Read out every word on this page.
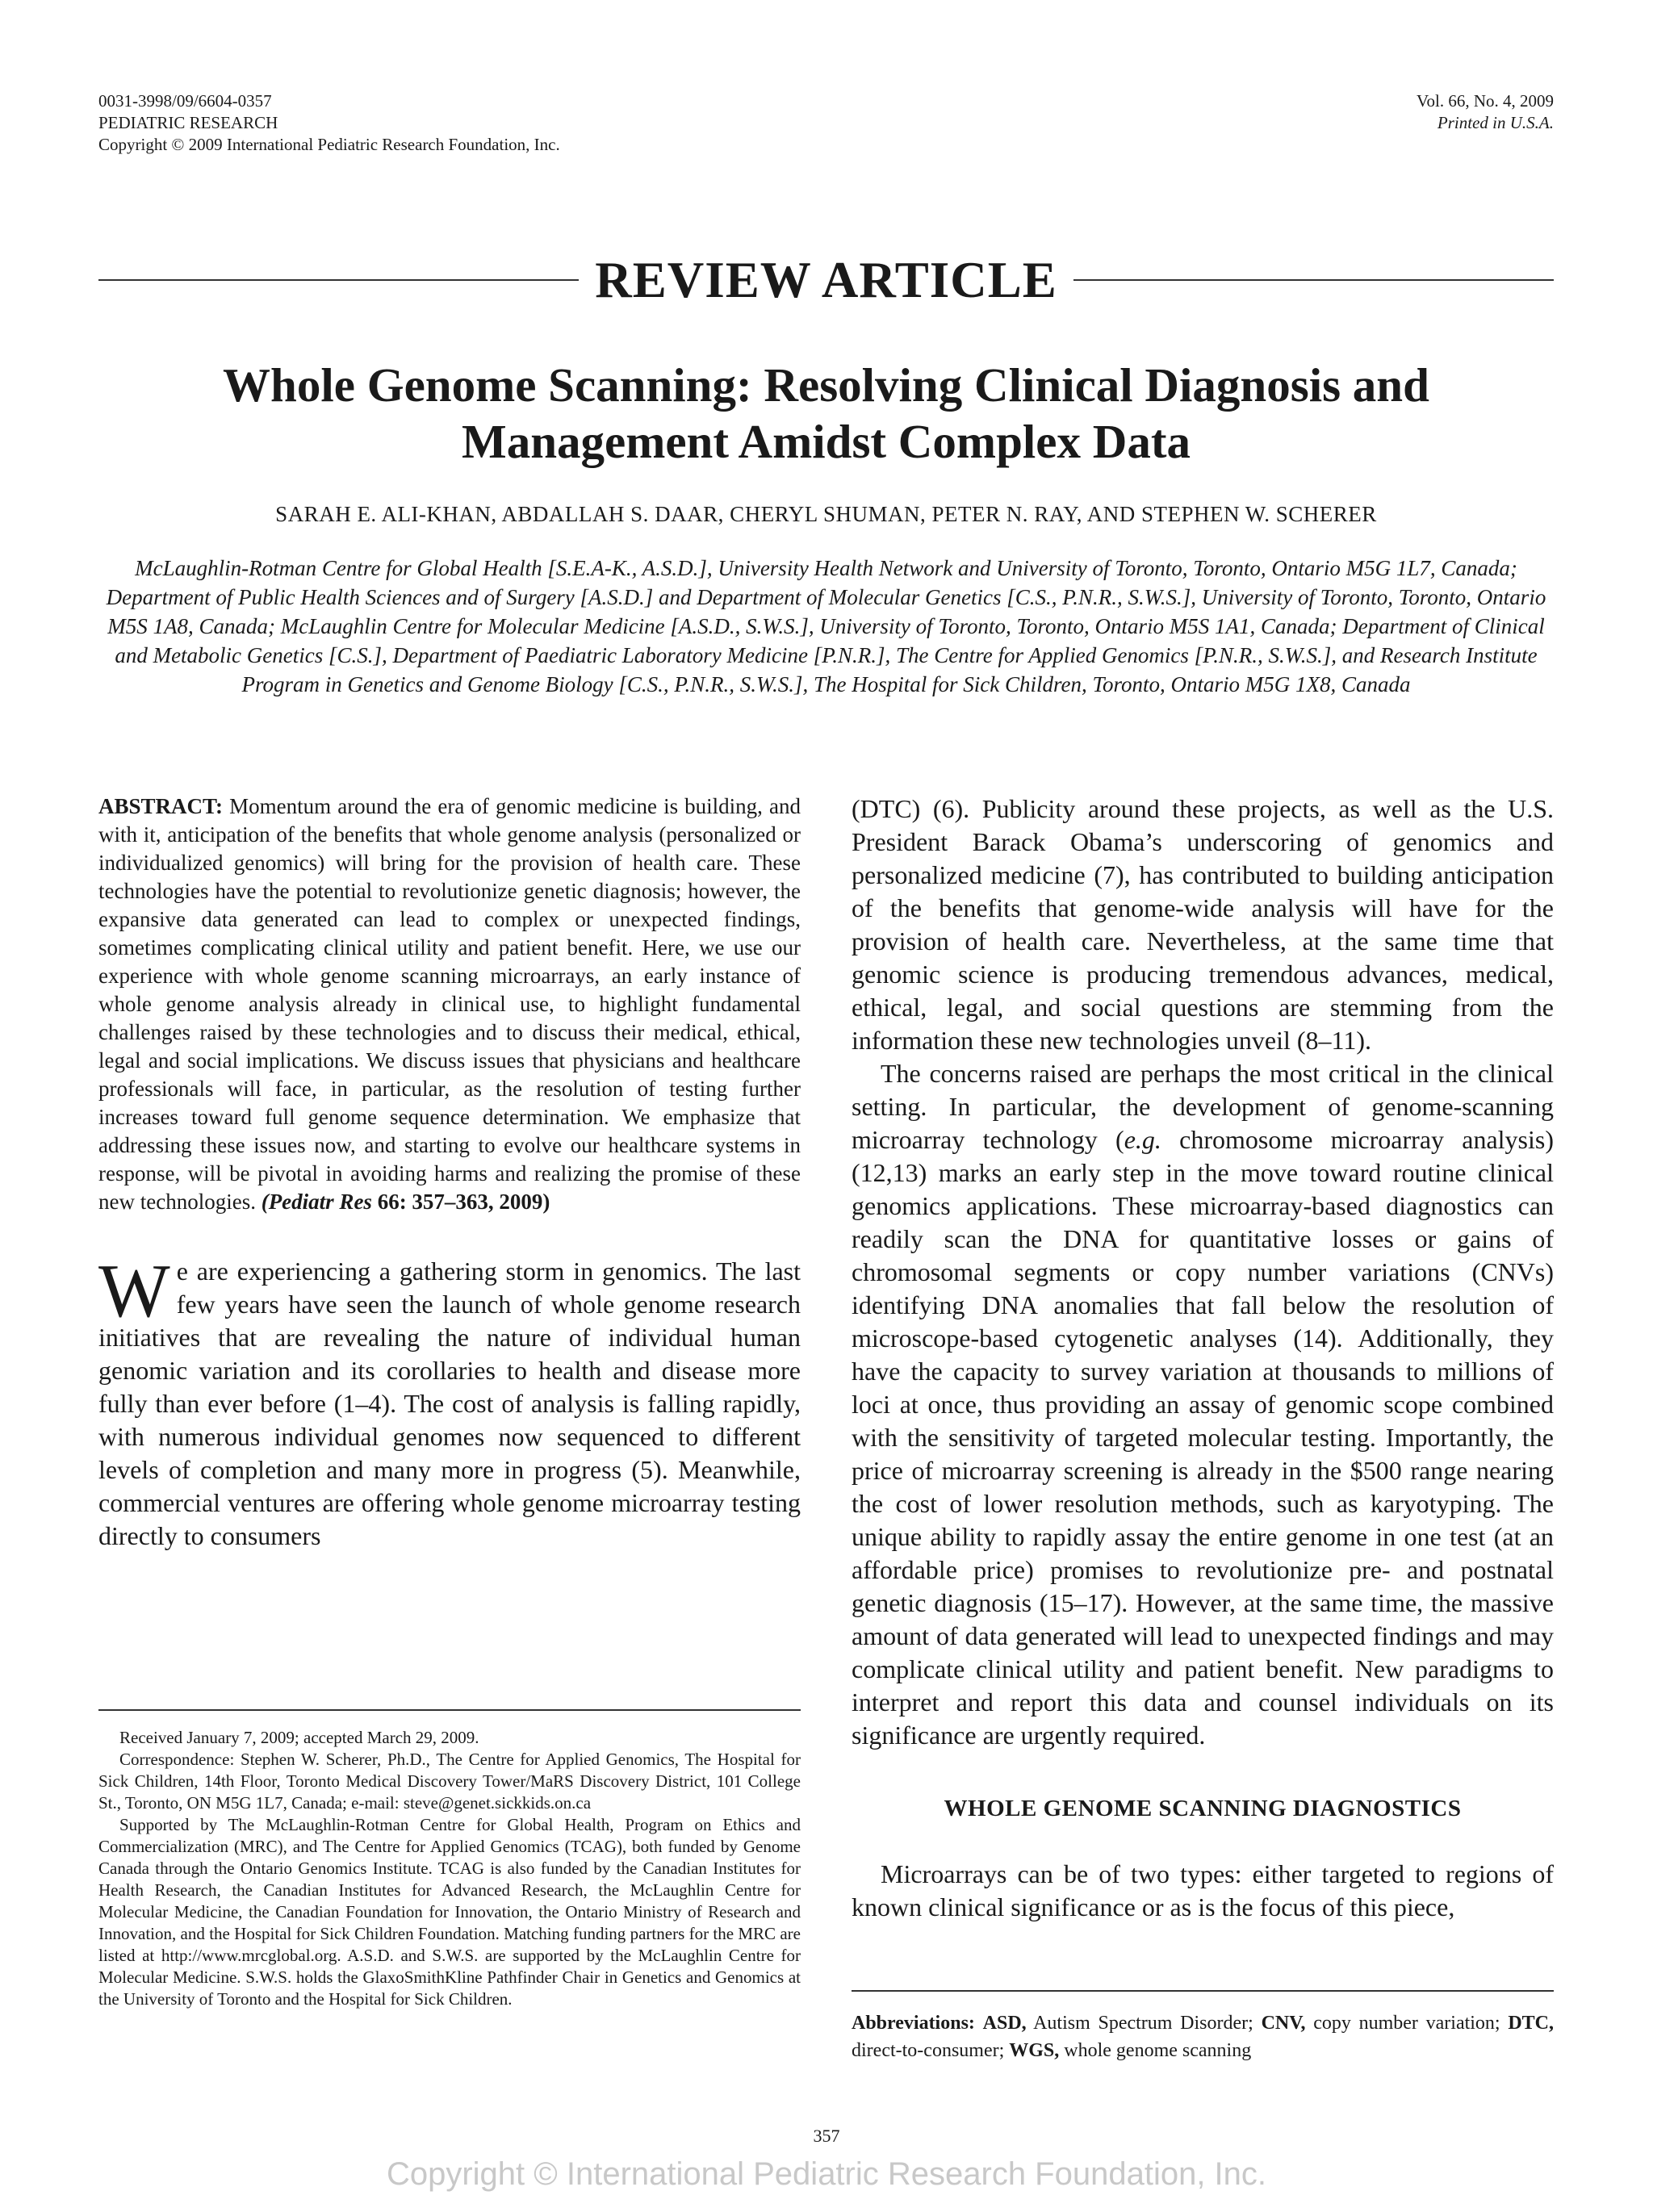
0031-3998/09/6604-0357
PEDIATRIC RESEARCH
Copyright © 2009 International Pediatric Research Foundation, Inc.
Vol. 66, No. 4, 2009
Printed in U.S.A.
REVIEW ARTICLE
Whole Genome Scanning: Resolving Clinical Diagnosis and
Management Amidst Complex Data
SARAH E. ALI-KHAN, ABDALLAH S. DAAR, CHERYL SHUMAN, PETER N. RAY, AND STEPHEN W. SCHERER
McLaughlin-Rotman Centre for Global Health [S.E.A-K., A.S.D.], University Health Network and University of Toronto, Toronto, Ontario M5G 1L7, Canada; Department of Public Health Sciences and of Surgery [A.S.D.] and Department of Molecular Genetics [C.S., P.N.R., S.W.S.], University of Toronto, Toronto, Ontario M5S 1A8, Canada; McLaughlin Centre for Molecular Medicine [A.S.D., S.W.S.], University of Toronto, Toronto, Ontario M5S 1A1, Canada; Department of Clinical and Metabolic Genetics [C.S.], Department of Paediatric Laboratory Medicine [P.N.R.], The Centre for Applied Genomics [P.N.R., S.W.S.], and Research Institute Program in Genetics and Genome Biology [C.S., P.N.R., S.W.S.], The Hospital for Sick Children, Toronto, Ontario M5G 1X8, Canada

ABSTRACT: Momentum around the era of genomic medicine is building, and with it, anticipation of the benefits that whole genome analysis (personalized or individualized genomics) will bring for the provision of health care. These technologies have the potential to revolutionize genetic diagnosis; however, the expansive data generated can lead to complex or unexpected findings, sometimes complicating clinical utility and patient benefit. Here, we use our experience with whole genome scanning microarrays, an early instance of whole genome analysis already in clinical use, to highlight fundamental challenges raised by these technologies and to discuss their medical, ethical, legal and social implications. We discuss issues that physicians and healthcare professionals will face, in particular, as the resolution of testing further increases toward full genome sequence determination. We emphasize that addressing these issues now, and starting to evolve our healthcare systems in response, will be pivotal in avoiding harms and realizing the promise of these new technologies. (Pediatr Res 66: 357–363, 2009)

We are experiencing a gathering storm in genomics. The last few years have seen the launch of whole genome research initiatives that are revealing the nature of individual human genomic variation and its corollaries to health and disease more fully than ever before (1–4). The cost of analysis is falling rapidly, with numerous individual genomes now sequenced to different levels of completion and many more in progress (5). Meanwhile, commercial ventures are offering whole genome microarray testing directly to consumers

(DTC) (6). Publicity around these projects, as well as the U.S. President Barack Obama’s underscoring of genomics and personalized medicine (7), has contributed to building anticipation of the benefits that genome-wide analysis will have for the provision of health care. Nevertheless, at the same time that genomic science is producing tremendous advances, medical, ethical, legal, and social questions are stemming from the information these new technologies unveil (8–11).

The concerns raised are perhaps the most critical in the clinical setting. In particular, the development of genome-scanning microarray technology (e.g. chromosome microarray analysis) (12,13) marks an early step in the move toward routine clinical genomics applications. These microarray-based diagnostics can readily scan the DNA for quantitative losses or gains of chromosomal segments or copy number variations (CNVs) identifying DNA anomalies that fall below the resolution of microscope-based cytogenetic analyses (14). Additionally, they have the capacity to survey variation at thousands to millions of loci at once, thus providing an assay of genomic scope combined with the sensitivity of targeted molecular testing. Importantly, the price of microarray screening is already in the $500 range nearing the cost of lower resolution methods, such as karyotyping. The unique ability to rapidly assay the entire genome in one test (at an affordable price) promises to revolutionize pre- and postnatal genetic diagnosis (15–17). However, at the same time, the massive amount of data generated will lead to unexpected findings and may complicate clinical utility and patient benefit. New paradigms to interpret and report this data and counsel individuals on its significance are urgently required.

WHOLE GENOME SCANNING DIAGNOSTICS

Microarrays can be of two types: either targeted to regions of known clinical significance or as is the focus of this piece,

Received January 7, 2009; accepted March 29, 2009.

Correspondence: Stephen W. Scherer, Ph.D., The Centre for Applied Genomics, The Hospital for Sick Children, 14th Floor, Toronto Medical Discovery Tower/MaRS Discovery District, 101 College St., Toronto, ON M5G 1L7, Canada; e-mail: steve@genet.sickkids.on.ca

Supported by The McLaughlin-Rotman Centre for Global Health, Program on Ethics and Commercialization (MRC), and The Centre for Applied Genomics (TCAG), both funded by Genome Canada through the Ontario Genomics Institute. TCAG is also funded by the Canadian Institutes for Health Research, the Canadian Institutes for Advanced Research, the McLaughlin Centre for Molecular Medicine, the Canadian Foundation for Innovation, the Ontario Ministry of Research and Innovation, and the Hospital for Sick Children Foundation. Matching funding partners for the MRC are listed at http://www.mrcglobal.org. A.S.D. and S.W.S. are supported by the McLaughlin Centre for Molecular Medicine. S.W.S. holds the GlaxoSmithKline Pathfinder Chair in Genetics and Genomics at the University of Toronto and the Hospital for Sick Children.

Abbreviations: ASD, Autism Spectrum Disorder; CNV, copy number variation; DTC, direct-to-consumer; WGS, whole genome scanning

357
Copyright © International Pediatric Research Foundation, Inc.
